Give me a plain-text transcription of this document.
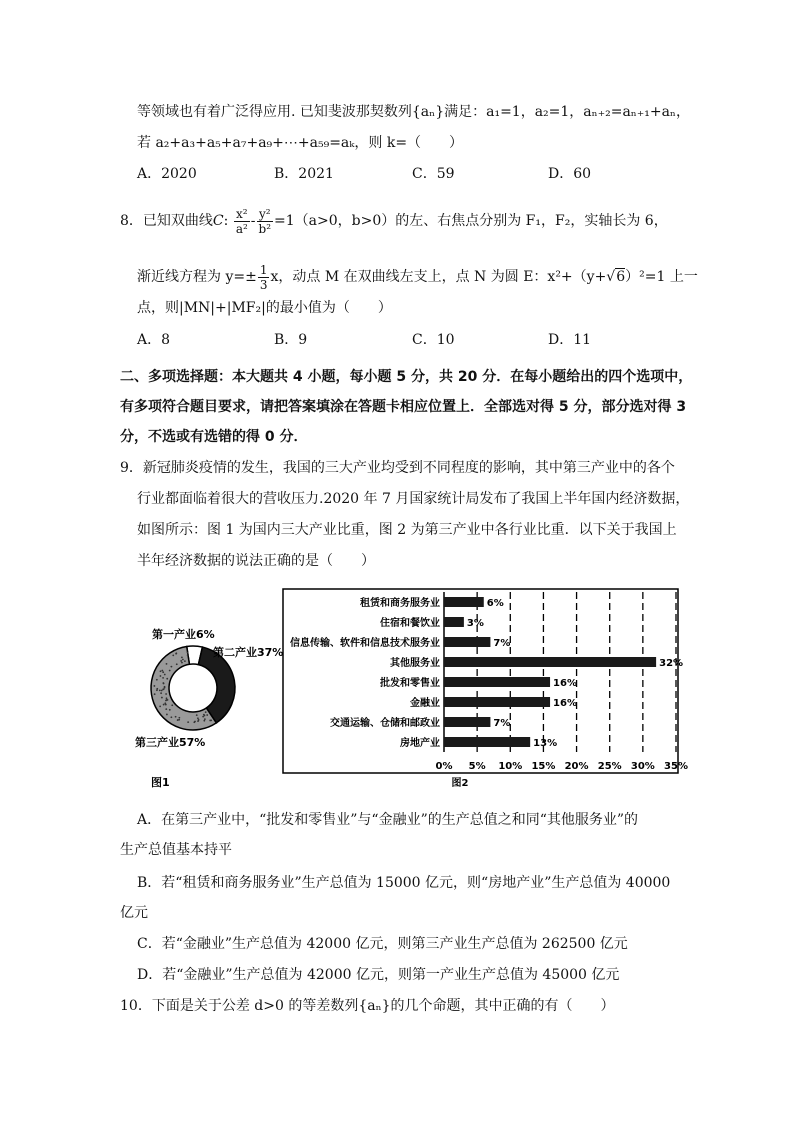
等领域也有着广泛得应用. 已知斐波那契数列{aₙ}满足：a₁=1，a₂=1，aₙ₊₂=aₙ₊₁+aₙ，
若 a₂+a₃+a₅+a₇+a₉+⋯+a₅₉=aₖ，则 k=（　　）
A．2020	B．2021	C．59	D．60
8．已知双曲线C: $\frac{\text{x²}}{\text{a²}} - \frac{\text{y²}}{\text{b²}} =1(a>0$，b>0）的左、右焦点分别为 F₁，F₂，实轴长为 6，
渐近线方程为 $y=\pm \frac{1}{3}$ x，动点 M 在双曲线左支上，点 N 为圆 E：x²+（y+√6）²=1 上一
点，则|MN|+|MF₂|的最小值为（　　）
A．8	B．9	C．10	D．11
二、多项选择题：本大题共 4 小题，每小题 5 分，共 20 分．在每小题给出的四个选项中，
有多项符合题目要求，请把答案填涂在答题卡相应位置上．全部选对得 5 分，部分选对得 3
分，不选或有选错的得 0 分．
9．新冠肺炎疫情的发生，我国的三大产业均受到不同程度的影响，其中第三产业中的各个
行业都面临着很大的营收压力.2020 年 7 月国家统计局发布了我国上半年国内经济数据，
如图所示：图 1 为国内三大产业比重，图 2 为第三产业中各行业比重．以下关于我国上
半年经济数据的说法正确的是（　　）
第一产业6%
第二产业37%
第三产业57%
图1
0% 5% 10% 15% 20% 25% 30% 35%
租赁和商务服务业	6%
住宿和餐饮业	3%
信息传输、软件和信息技术服务业	7%
其他服务业	32%
批发和零售业	16%
金融业	16%
交通运输、仓储和邮政业	7%
房地产业	13%
图2
A．在第三产业中，“批发和零售业”与“金融业”的生产总值之和同“其他服务业”的
生产总值基本持平
B．若“租赁和商务服务业”生产总值为 15000 亿元，则“房地产业”生产总值为 40000
亿元
C．若“金融业”生产总值为 42000 亿元，则第三产业生产总值为 262500 亿元
D．若“金融业”生产总值为 42000 亿元，则第一产业生产总值为 45000 亿元
10．下面是关于公差 d>0 的等差数列{aₙ}的几个命题，其中正确的有（　　）
